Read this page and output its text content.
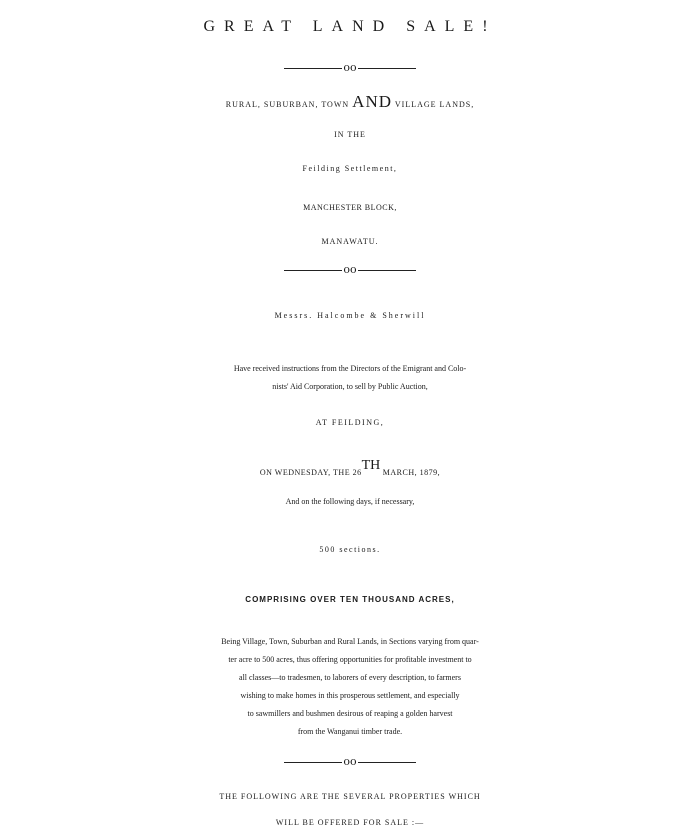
GREAT LAND SALE!
oo
RURAL, SUBURBAN, TOWN AND VILLAGE LANDS,
IN THE
Feilding Settlement,
MANCHESTER BLOCK,
MANAWATU.
oo
Messrs. Halcombe & Sherwill
Have received instructions from the Directors of the Emigrant and Colo-
nists' Aid Corporation, to sell by Public Auction,
AT FEILDING,
ON WEDNESDAY, THE 26TH MARCH, 1879,
And on the following days, if necessary,
500 sections.
COMPRISING OVER TEN THOUSAND ACRES,
Being Village, Town, Suburban and Rural Lands, in Sections varying from quar-
ter acre to 500 acres, thus offering opportunities for profitable investment to
all classes—to tradesmen, to laborers of every description, to farmers
wishing to make homes in this prosperous settlement, and especially
to sawmillers and bushmen desirous of reaping a golden harvest
from the Wanganui timber trade.
oo
THE FOLLOWING ARE THE SEVERAL PROPERTIES WHICH
WILL BE OFFERED FOR SALE :—
